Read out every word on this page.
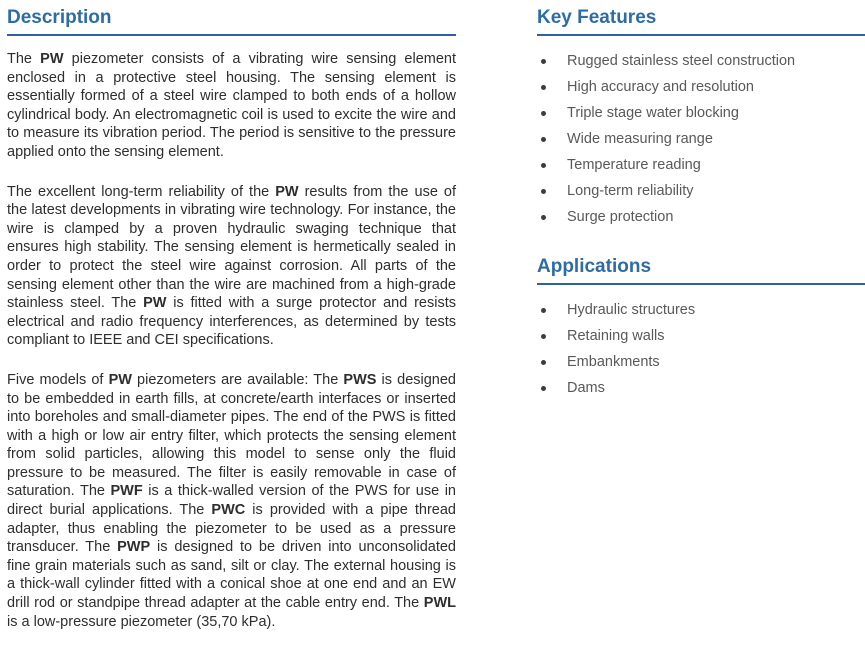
Description

The PW piezometer consists of a vibrating wire sensing element enclosed in a protective steel housing. The sensing element is essentially formed of a steel wire clamped to both ends of a hollow cylindrical body. An electromagnetic coil is used to excite the wire and to measure its vibration period. The period is sensitive to the pressure applied onto the sensing element.

The excellent long-term reliability of the PW results from the use of the latest developments in vibrating wire technology. For instance, the wire is clamped by a proven hydraulic swaging technique that ensures high stability. The sensing element is hermetically sealed in order to protect the steel wire against corrosion. All parts of the sensing element other than the wire are machined from a high-grade stainless steel. The PW is fitted with a surge protector and resists electrical and radio frequency interferences, as determined by tests compliant to IEEE and CEI specifications.

Five models of PW piezometers are available: The PWS is designed to be embedded in earth fills, at concrete/earth interfaces or inserted into boreholes and small-diameter pipes. The end of the PWS is fitted with a high or low air entry filter, which protects the sensing element from solid particles, allowing this model to sense only the fluid pressure to be measured. The filter is easily removable in case of saturation. The PWF is a thick-walled version of the PWS for use in direct burial applications. The PWC is provided with a pipe thread adapter, thus enabling the piezometer to be used as a pressure transducer. The PWP is designed to be driven into unconsolidated fine grain materials such as sand, silt or clay. The external housing is a thick-wall cylinder fitted with a conical shoe at one end and an EW drill rod or standpipe thread adapter at the cable entry end. The PWL is a low-pressure piezometer (35,70 kPa).

Key Features
Rugged stainless steel construction
High accuracy and resolution
Triple stage water blocking
Wide measuring range
Temperature reading
Long-term reliability
Surge protection
Applications
Hydraulic structures
Retaining walls
Embankments
Dams
